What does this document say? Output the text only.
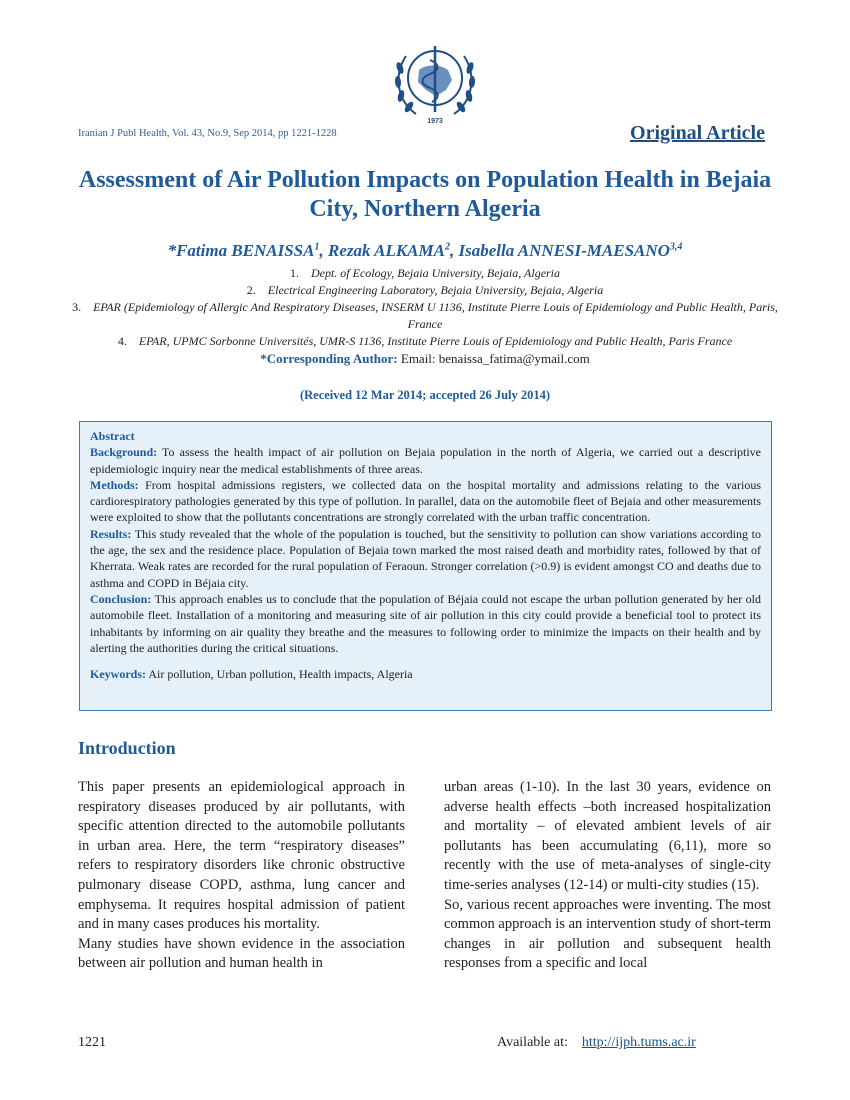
1973
Iranian J Publ Health, Vol. 43, No.9, Sep 2014, pp 1221-1228	Original Article
Assessment of Air Pollution Impacts on Population Health in Bejaia City, Northern Algeria
*Fatima BENAISSA$^1$, Rezak ALKAMA$^2$, Isabella ANNESI-MAESANO$^{3,4}$
1. Dept. of Ecology, Bejaia University, Bejaia, Algeria
2. Electrical Engineering Laboratory, Bejaia University, Bejaia, Algeria
3. EPAR (Epidemiology of Allergic And Respiratory Diseases, INSERM U 1136, Institute Pierre Louis of Epidemiology and Public Health, Paris, France
4. EPAR, UPMC Sorbonne Universités, UMR-S 1136, Institute Pierre Louis of Epidemiology and Public Health, Paris France
*Corresponding Author: Email: benaissa_fatima@ymail.com
(Received 12 Mar 2014; accepted 26 July 2014)

Abstract

Background: To assess the health impact of air pollution on Bejaia population in the north of Algeria, we carried out a descriptive epidemiologic inquiry near the medical establishments of three areas.

Methods: From hospital admissions registers, we collected data on the hospital mortality and admissions relating to the various cardiorespiratory pathologies generated by this type of pollution. In parallel, data on the automobile fleet of Bejaia and other measurements were exploited to show that the pollutants concentrations are strongly correlated with the urban traffic concentration.

Results: This study revealed that the whole of the population is touched, but the sensitivity to pollution can show variations according to the age, the sex and the residence place. Population of Bejaia town marked the most raised death and morbidity rates, followed by that of Kherrata. Weak rates are recorded for the rural population of Feraoun. Stronger correlation (>0.9) is evident amongst CO and deaths due to asthma and COPD in Béjaia city.

Conclusion: This approach enables us to conclude that the population of Béjaia could not escape the urban pollution generated by her old automobile fleet. Installation of a monitoring and measuring site of air pollution in this city could provide a beneficial tool to protect its inhabitants by informing on air quality they breathe and the measures to following order to minimize the impacts on their health and by alerting the authorities during the critical situations.

Keywords: Air pollution, Urban pollution, Health impacts, Algeria

Introduction

This paper presents an epidemiological approach in respiratory diseases produced by air pollutants, with specific attention directed to the automobile pollutants in urban area. Here, the term “respiratory diseases” refers to respiratory disorders like chronic obstructive pulmonary disease COPD, asthma, lung cancer and emphysema. It requires hospital admission of patient and in many cases produces his mortality.

Many studies have shown evidence in the association between air pollution and human health in

urban areas (1-10). In the last 30 years, evidence on adverse health effects –both increased hospitalization and mortality – of elevated ambient levels of air pollutants has been accumulating (6,11), more so recently with the use of meta-analyses of single-city time-series analyses (12-14) or multi-city studies (15).

So, various recent approaches were inventing. The most common approach is an intervention study of short-term changes in air pollution and subsequent health responses from a specific and local

1221	Available at: http://ijph.tums.ac.ir
